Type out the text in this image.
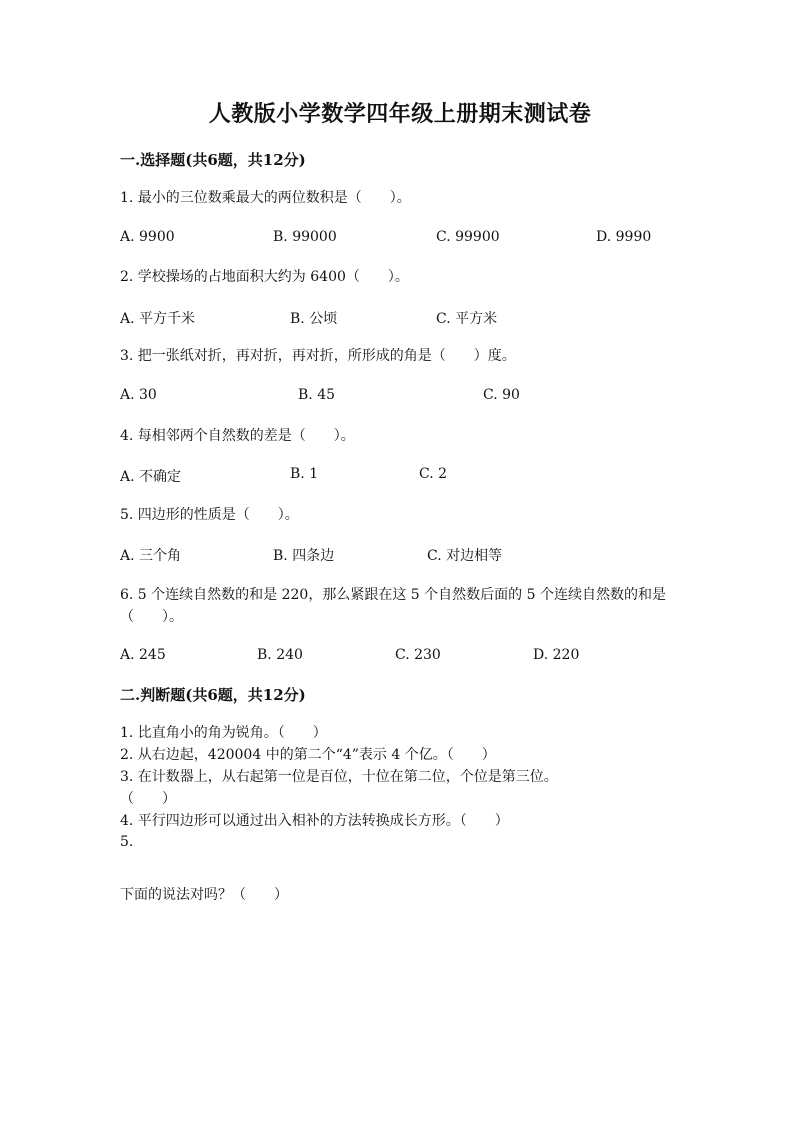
人教版小学数学四年级上册期末测试卷
一.选择题(共6题，共12分)
1. 最小的三位数乘最大的两位数积是（　　）。
A. 9900	B. 99000	C. 99900	D. 9990
2. 学校操场的占地面积大约为 6400（　　）。
A. 平方千米	B. 公顷	C. 平方米
3. 把一张纸对折，再对折，再对折，所形成的角是（　　）度。
A. 30	B. 45	C. 90
4. 每相邻两个自然数的差是（　　）。
A. 不确定	B. 1	C. 2
5. 四边形的性质是（　　）。
A. 三个角	B. 四条边	C. 对边相等
6. 5 个连续自然数的和是 220，那么紧跟在这 5 个自然数后面的 5 个连续自然数的和是（　　）。
A. 245	B. 240	C. 230	D. 220
二.判断题(共6题，共12分)
1. 比直角小的角为锐角。（　　）
2. 从右边起，420004 中的第二个“4”表示 4 个亿。（　　）
3. 在计数器上，从右起第一位是百位，十位在第二位，个位是第三位。
（　　）
4. 平行四边形可以通过出入相补的方法转换成长方形。（　　）
5.
下面的说法对吗？（　　）
